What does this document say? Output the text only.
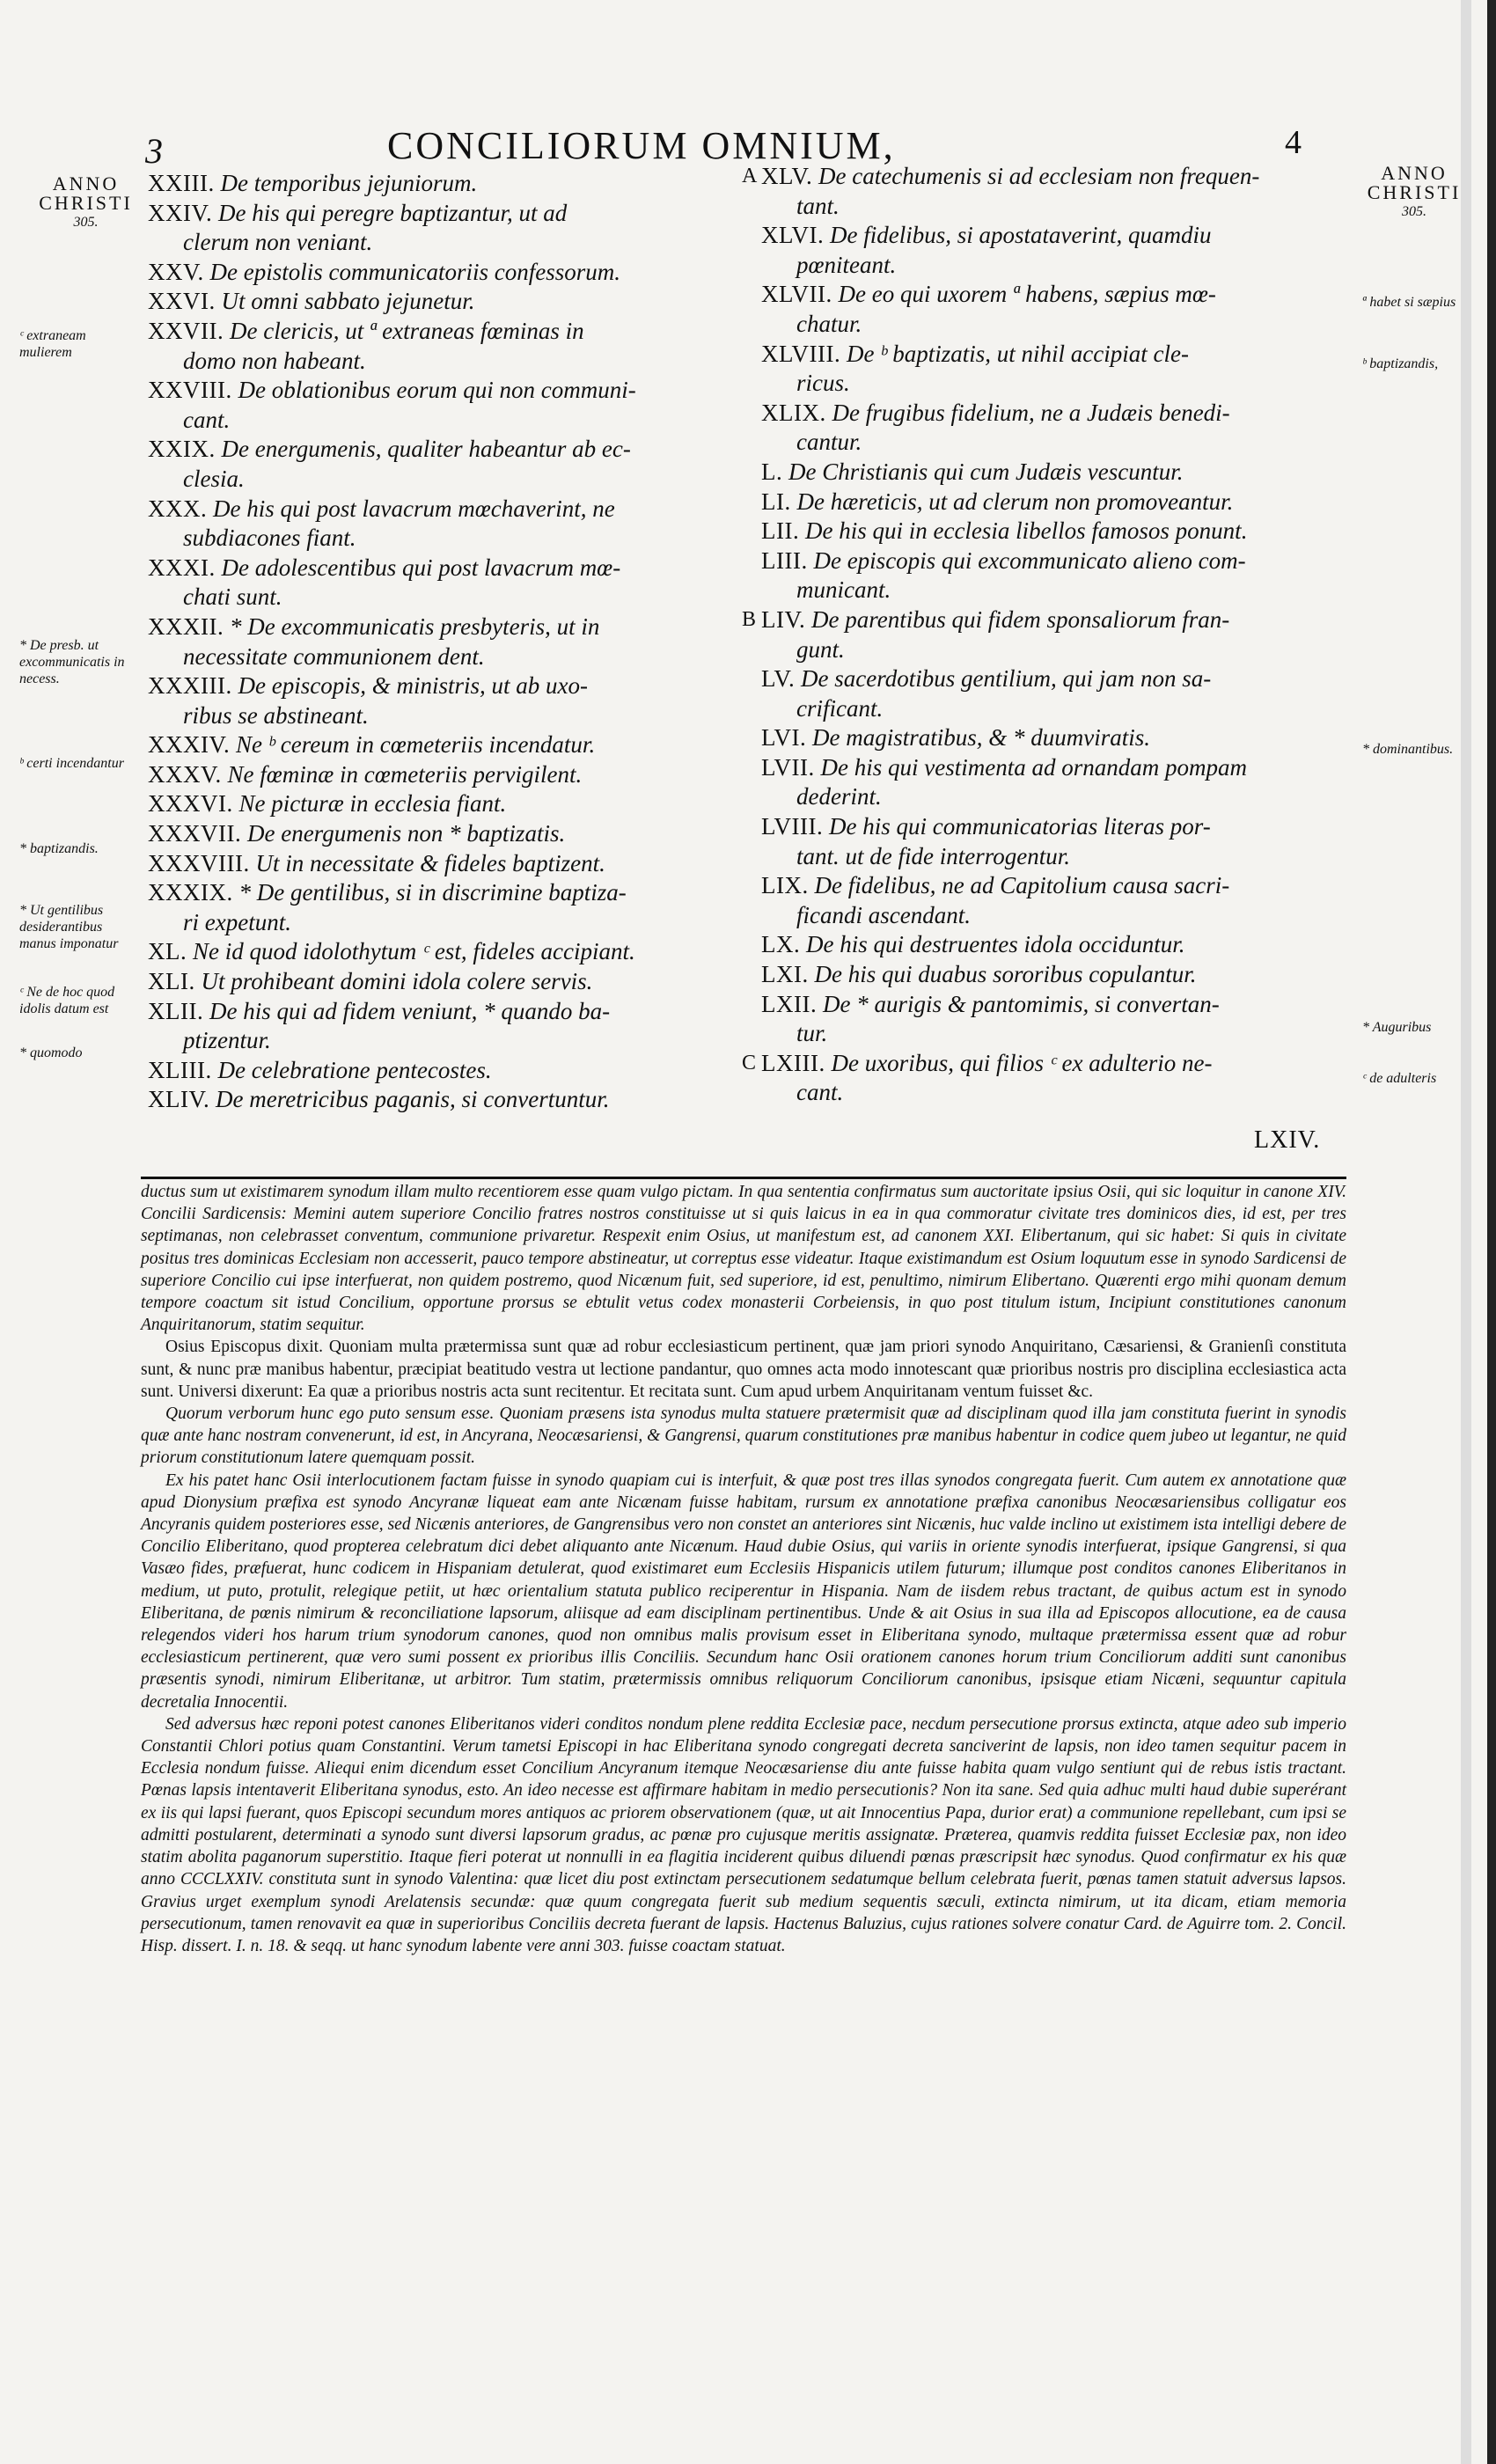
3	CONCILIORUM OMNIUM,	4
ANNO
CHRISTI
305.
ANNO
CHRISTI
305.
XXIII. De temporibus jejuniorum.
XXIV. De his qui peregre baptizantur, ut ad
clerum non veniant.
XXV. De epistolis communicatoriis confessorum.
XXVI. Ut omni sabbato jejunetur.
XXVII. De clericis, ut ª extraneas fœminas in
domo non habeant.
XXVIII. De oblationibus eorum qui non communi-
cant.
XXIX. De energumenis, qualiter habeantur ab ec-
clesia.
XXX. De his qui post lavacrum mœchaverint, ne
subdiacones fiant.
XXXI. De adolescentibus qui post lavacrum mœ-
chati sunt.
XXXII. * De excommunicatis presbyteris, ut in
necessitate communionem dent.
XXXIII. De episcopis, & ministris, ut ab uxo-
ribus se abstineant.
XXXIV. Ne ᵇ cereum in cœmeteriis incendatur.
XXXV. Ne fœminæ in cœmeteriis pervigilent.
XXXVI. Ne picturæ in ecclesia fiant.
XXXVII. De energumenis non * baptizatis.
XXXVIII. Ut in necessitate & fideles baptizent.
XXXIX. * De gentilibus, si in discrimine baptiza-
ri expetunt.
XL. Ne id quod idolothytum ᶜ est, fideles accipiant.
XLI. Ut prohibeant domini idola colere servis.
XLII. De his qui ad fidem veniunt, * quando ba-
ptizentur.
XLIII. De celebratione pentecostes.
XLIV. De meretricibus paganis, si convertuntur.
A XLV. De catechumenis si ad ecclesiam non frequen-
tant.
XLVI. De fidelibus, si apostataverint, quamdiu
pœniteant.
XLVII. De eo qui uxorem ª habens, sæpius mœ-
chatur.
XLVIII. De ᵇ baptizatis, ut nihil accipiat cle-
ricus.
XLIX. De frugibus fidelium, ne a Judæis benedi-
cantur.
L. De Christianis qui cum Judæis vescuntur.
LI. De hæreticis, ut ad clerum non promoveantur.
LII. De his qui in ecclesia libellos famosos ponunt.
LIII. De episcopis qui excommunicato alieno com-
municant.
B LIV. De parentibus qui fidem sponsaliorum fran-
gunt.
LV. De sacerdotibus gentilium, qui jam non sa-
crificant.
LVI. De magistratibus, & * duumviratis.
LVII. De his qui vestimenta ad ornandam pompam
dederint.
LVIII. De his qui communicatorias literas por-
tant. ut de fide interrogentur.
LIX. De fidelibus, ne ad Capitolium causa sacri-
ficandi ascendant.
LX. De his qui destruentes idola occiduntur.
LXI. De his qui duabus sororibus copulantur.
LXII. De * aurigis & pantomimis, si convertan-
tur.
C LXIII. De uxoribus, qui filios ᶜ ex adulterio ne-
cant.
ᶜ extraneam mulierem
* De presb. ut excommunicatis in necess.
ᵇ certi incendantur
* baptizandis.
* Ut gentilibus desiderantibus manus imponatur
ᶜ Ne de hoc quod idolis datum est
* quomodo
ª habet si sæpius
ᵇ baptizandis,
* dominantibus.
* Auguribus
ᶜ de adulteris
LXIV.

ductus sum ut existimarem synodum illam multo recentiorem esse quam vulgo pictam. In qua sententia confirmatus sum auctoritate ipsius Osii, qui sic loquitur in canone XIV. Concilii Sardicensis: Memini autem superiore Concilio fratres nostros constituisse ut si quis laicus in ea in qua commoratur civitate tres dominicos dies, id est, per tres septimanas, non celebrasset conventum, communione privaretur. Respexit enim Osius, ut manifestum est, ad canonem XXI. Elibertanum, qui sic habet: Si quis in civitate positus tres dominicas Ecclesiam non accesserit, pauco tempore abstineatur, ut correptus esse videatur. Itaque existimandum est Osium loquutum esse in synodo Sardicensi de superiore Concilio cui ipse interfuerat, non quidem postremo, quod Nicænum fuit, sed superiore, id est, penultimo, nimirum Elibertano. Quærenti ergo mihi quonam demum tempore coactum sit istud Concilium, opportune prorsus se ebtulit vetus codex monasterii Corbeiensis, in quo post titulum istum, Incipiunt constitutiones canonum Anquiritanorum, statim sequitur.

Osius Episcopus dixit. Quoniam multa prætermissa sunt quæ ad robur ecclesiasticum pertinent, quæ jam priori synodo Anquiritano, Cæsariensi, & Granienſi constituta sunt, & nunc præ manibus habentur, præcipiat beatitudo vestra ut lectione pandantur, quo omnes acta modo innotescant quæ prioribus nostris pro disciplina ecclesiastica acta sunt. Universi dixerunt: Ea quæ a prioribus nostris acta sunt recitentur. Et recitata sunt. Cum apud urbem Anquiritanam ventum fuisset &c.

Quorum verborum hunc ego puto sensum esse. Quoniam præsens ista synodus multa statuere prætermisit quæ ad disciplinam quod illa jam constituta fuerint in synodis quæ ante hanc nostram convenerunt, id est, in Ancyrana, Neocæsariensi, & Gangrensi, quarum constitutiones præ manibus habentur in codice quem jubeo ut legantur, ne quid priorum constitutionum latere quemquam possit.

Ex his patet hanc Osii interlocutionem factam fuisse in synodo quapiam cui is interfuit, & quæ post tres illas synodos congregata fuerit. Cum autem ex annotatione quæ apud Dionysium præfixa est synodo Ancyranæ liqueat eam ante Nicænam fuisse habitam, rursum ex annotatione præfixa canonibus Neocæsariensibus colligatur eos Ancyranis quidem posteriores esse, sed Nicænis anteriores, de Gangrensibus vero non constet an anteriores sint Nicænis, huc valde inclino ut existimem ista intelligi debere de Concilio Eliberitano, quod propterea celebratum dici debet aliquanto ante Nicænum. Haud dubie Osius, qui variis in oriente synodis interfuerat, ipsique Gangrensi, si qua Vasæo fides, præfuerat, hunc codicem in Hispaniam detulerat, quod existimaret eum Ecclesiis Hispanicis utilem futurum; illumque post conditos canones Eliberitanos in medium, ut puto, protulit, relegique petiit, ut hæc orientalium statuta publico reciperentur in Hispania. Nam de iisdem rebus tractant, de quibus actum est in synodo Eliberitana, de pœnis nimirum & reconciliatione lapsorum, aliisque ad eam disciplinam pertinentibus. Unde & ait Osius in sua illa ad Episcopos allocutione, ea de causa relegendos videri hos harum trium synodorum canones, quod non omnibus malis provisum esset in Eliberitana synodo, multaque prætermissa essent quæ ad robur ecclesiasticum pertinerent, quæ vero sumi possent ex prioribus illis Conciliis. Secundum hanc Osii orationem canones horum trium Conciliorum additi sunt canonibus præsentis synodi, nimirum Eliberitanæ, ut arbitror. Tum statim, prætermissis omnibus reliquorum Conciliorum canonibus, ipsisque etiam Nicæni, sequuntur capitula decretalia Innocentii.

Sed adversus hæc reponi potest canones Eliberitanos videri conditos nondum plene reddita Ecclesiæ pace, necdum persecutione prorsus extincta, atque adeo sub imperio Constantii Chlori potius quam Constantini. Verum tametsi Episcopi in hac Eliberitana synodo congregati decreta sanciverint de lapsis, non ideo tamen sequitur pacem in Ecclesia nondum fuisse. Aliequi enim dicendum esset Concilium Ancyranum itemque Neocæsariense diu ante fuisse habita quam vulgo sentiunt qui de rebus istis tractant. Pœnas lapsis intentaverit Eliberitana synodus, esto. An ideo necesse est affirmare habitam in medio persecutionis? Non ita sane. Sed quia adhuc multi haud dubie superérant ex iis qui lapsi fuerant, quos Episcopi secundum mores antiquos ac priorem observationem (quæ, ut ait Innocentius Papa, durior erat) a communione repellebant, cum ipsi se admitti postularent, determinati a synodo sunt diversi lapsorum gradus, ac pœnæ pro cujusque meritis assignatæ. Præterea, quamvis reddita fuisset Ecclesiæ pax, non ideo statim abolita paganorum superstitio. Itaque fieri poterat ut nonnulli in ea flagitia inciderent quibus diluendi pœnas præscripsit hæc synodus. Quod confirmatur ex his quæ anno CCCLXXIV. constituta sunt in synodo Valentina: quæ licet diu post extinctam persecutionem sedatumque bellum celebrata fuerit, pœnas tamen statuit adversus lapsos. Gravius urget exemplum synodi Arelatensis secundæ: quæ quum congregata fuerit sub medium sequentis sæculi, extincta nimirum, ut ita dicam, etiam memoria persecutionum, tamen renovavit ea quæ in superioribus Conciliis decreta fuerant de lapsis. Hactenus Baluzius, cujus rationes solvere conatur Card. de Aguirre tom. 2. Concil. Hisp. dissert. I. n. 18. & seqq. ut hanc synodum labente vere anni 303. fuisse coactam statuat.
